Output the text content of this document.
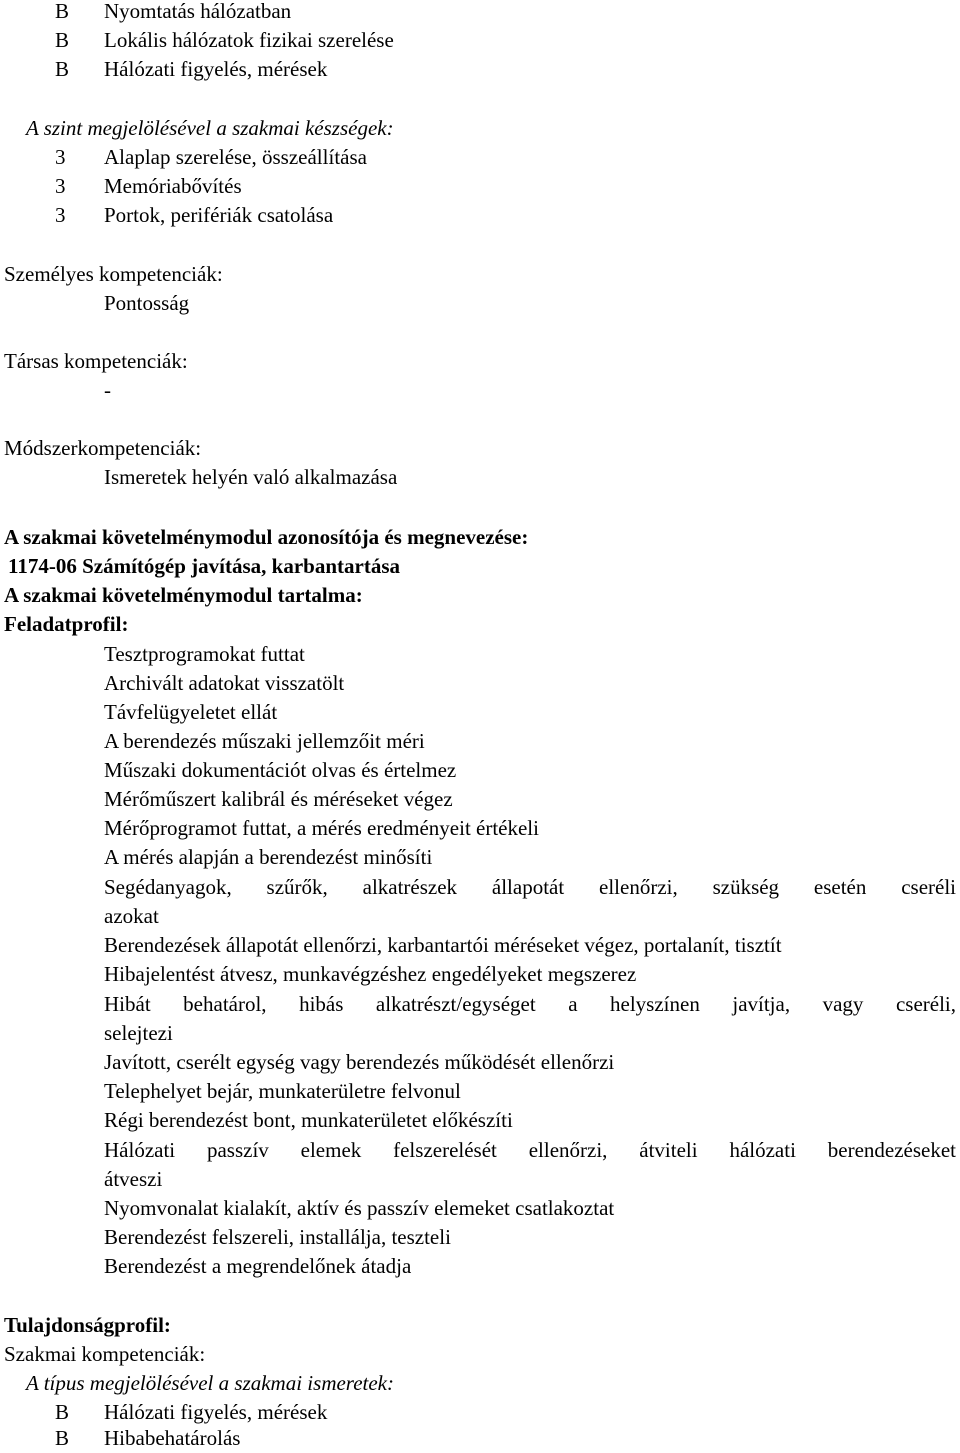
B Nyomtatás hálózatban
B Lokális hálózatok fizikai szerelése
B Hálózati figyelés, mérések
A szint megjelölésével a szakmai készségek:
3 Alaplap szerelése, összeállítása
3 Memóriabővítés
3 Portok, perifériák csatolása
Személyes kompetenciák:
Pontosság
Társas kompetenciák:
-
Módszerkompetenciák:
Ismeretek helyén való alkalmazása
A szakmai követelménymodul azonosítója és megnevezése:
1174-06 Számítógép javítása, karbantartása
A szakmai követelménymodul tartalma:
Feladatprofil:
Tesztprogramokat futtat
Archivált adatokat visszatölt
Távfelügyeletet ellát
A berendezés műszaki jellemzőit méri
Műszaki dokumentációt olvas és értelmez
Mérőműszert kalibrál és méréseket végez
Mérőprogramot futtat, a mérés eredményeit értékeli
A mérés alapján a berendezést minősíti
Segédanyagok, szűrők, alkatrészek állapotát ellenőrzi, szükség esetén cseréli
azokat
Berendezések állapotát ellenőrzi, karbantartói méréseket végez, portalanít, tisztít
Hibajelentést átvesz, munkavégzéshez engedélyeket megszerez
Hibát behatárol, hibás alkatrészt/egységet a helyszínen javítja, vagy cseréli,
selejtezi
Javított, cserélt egység vagy berendezés működését ellenőrzi
Telephelyet bejár, munkaterületre felvonul
Régi berendezést bont, munkaterületet előkészíti
Hálózati passzív elemek felszerelését ellenőrzi, átviteli hálózati berendezéseket
átveszi
Nyomvonalat kialakít, aktív és passzív elemeket csatlakoztat
Berendezést felszereli, installálja, teszteli
Berendezést a megrendelőnek átadja
Tulajdonságprofil:
Szakmai kompetenciák:
A típus megjelölésével a szakmai ismeretek:
B Hálózati figyelés, mérések
B Hibabehatárolás
